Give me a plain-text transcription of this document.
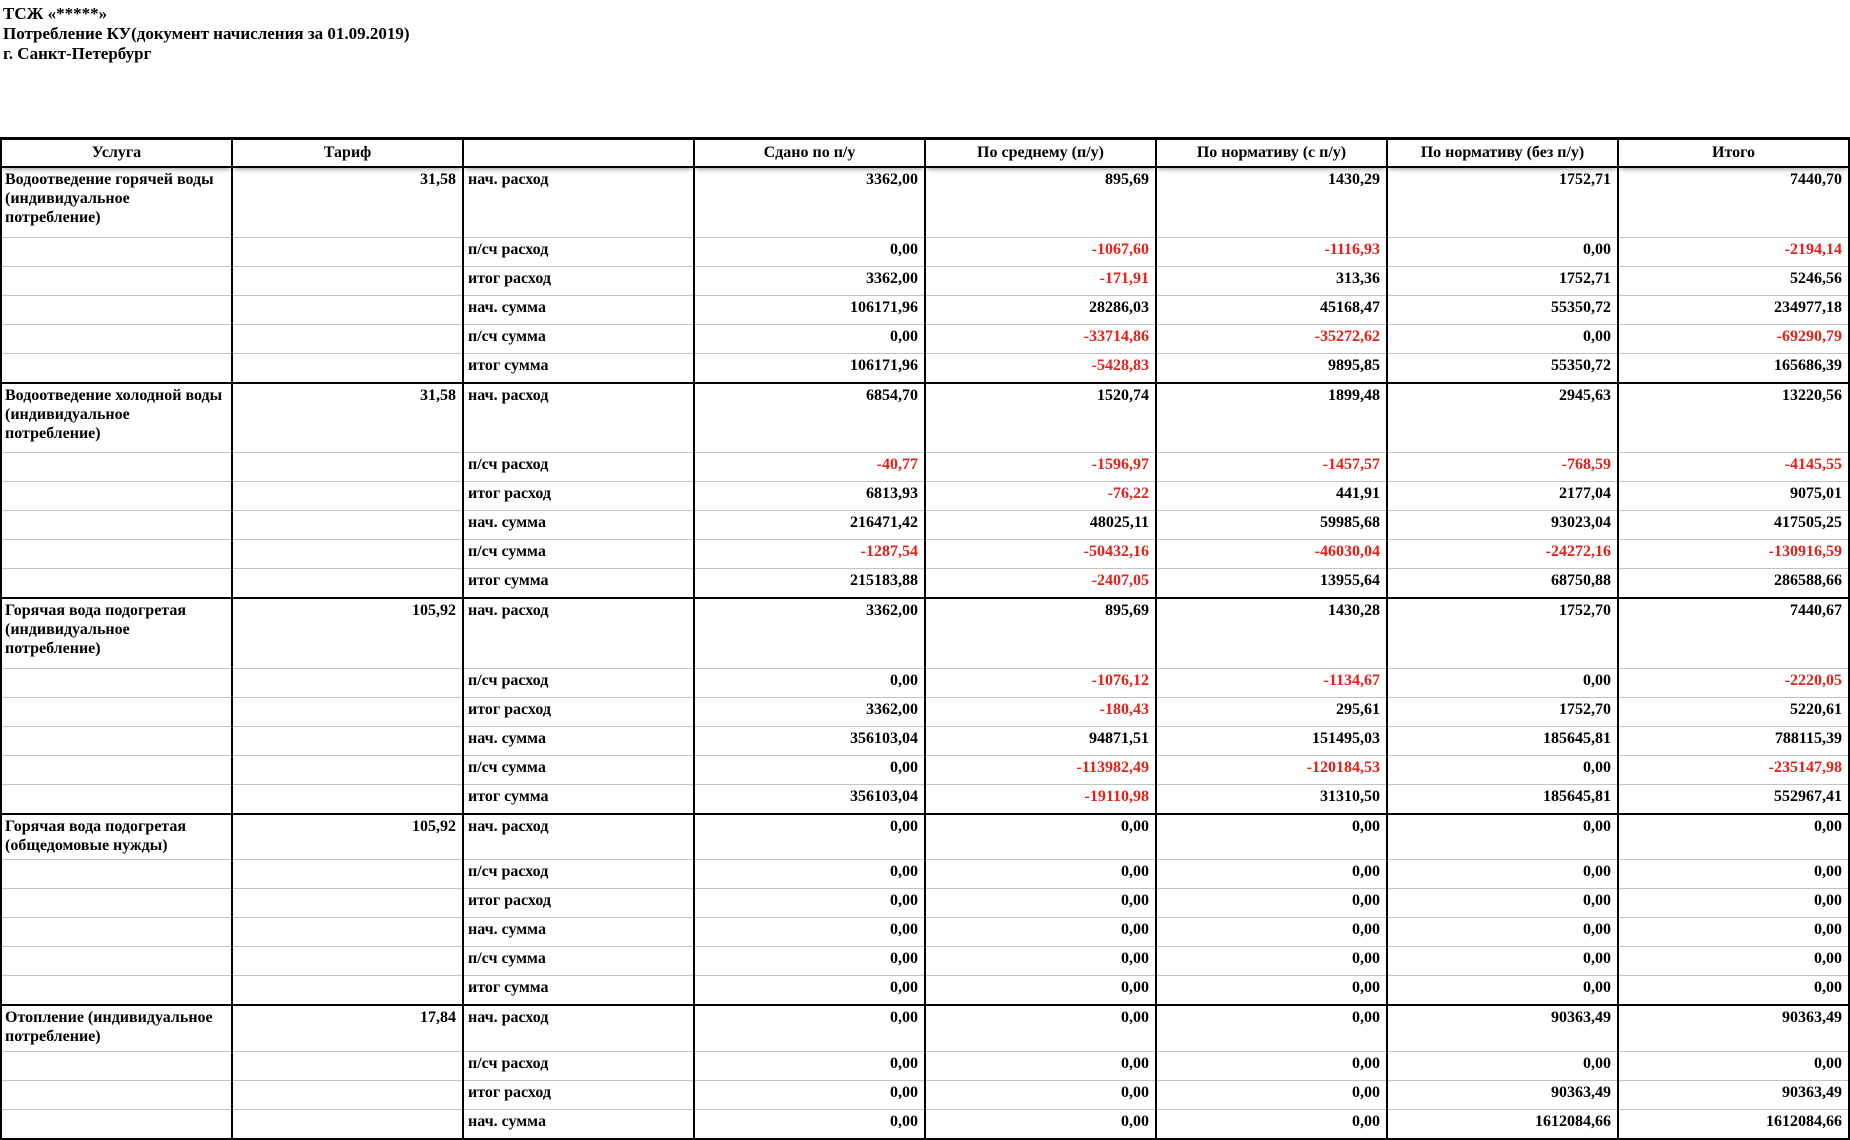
ТСЖ «*****»
Потребление КУ(документ начисления за 01.09.2019)
г. Санкт-Петербург
Услуга	Тариф		Сдано по п/у	По среднему (п/у)	По нормативу (с п/у)	По нормативу (без п/у)	Итого
Водоотведение горячей воды (индивидуальное потребление)	31,58	нач. расход	3362,00	895,69	1430,29	1752,71	7440,70
		п/сч расход	0,00	-1067,60	-1116,93	0,00	-2194,14
		итог расход	3362,00	-171,91	313,36	1752,71	5246,56
		нач. сумма	106171,96	28286,03	45168,47	55350,72	234977,18
		п/сч сумма	0,00	-33714,86	-35272,62	0,00	-69290,79
		итог сумма	106171,96	-5428,83	9895,85	55350,72	165686,39
Водоотведение холодной воды (индивидуальное потребление)	31,58	нач. расход	6854,70	1520,74	1899,48	2945,63	13220,56
		п/сч расход	-40,77	-1596,97	-1457,57	-768,59	-4145,55
		итог расход	6813,93	-76,22	441,91	2177,04	9075,01
		нач. сумма	216471,42	48025,11	59985,68	93023,04	417505,25
		п/сч сумма	-1287,54	-50432,16	-46030,04	-24272,16	-130916,59
		итог сумма	215183,88	-2407,05	13955,64	68750,88	286588,66
Горячая вода подогретая (индивидуальное потребление)	105,92	нач. расход	3362,00	895,69	1430,28	1752,70	7440,67
		п/сч расход	0,00	-1076,12	-1134,67	0,00	-2220,05
		итог расход	3362,00	-180,43	295,61	1752,70	5220,61
		нач. сумма	356103,04	94871,51	151495,03	185645,81	788115,39
		п/сч сумма	0,00	-113982,49	-120184,53	0,00	-235147,98
		итог сумма	356103,04	-19110,98	31310,50	185645,81	552967,41
Горячая вода подогретая (общедомовые нужды)	105,92	нач. расход	0,00	0,00	0,00	0,00	0,00
		п/сч расход	0,00	0,00	0,00	0,00	0,00
		итог расход	0,00	0,00	0,00	0,00	0,00
		нач. сумма	0,00	0,00	0,00	0,00	0,00
		п/сч сумма	0,00	0,00	0,00	0,00	0,00
		итог сумма	0,00	0,00	0,00	0,00	0,00
Отопление (индивидуальное потребление)	17,84	нач. расход	0,00	0,00	0,00	90363,49	90363,49
		п/сч расход	0,00	0,00	0,00	0,00	0,00
		итог расход	0,00	0,00	0,00	90363,49	90363,49
		нач. сумма	0,00	0,00	0,00	1612084,66	1612084,66
